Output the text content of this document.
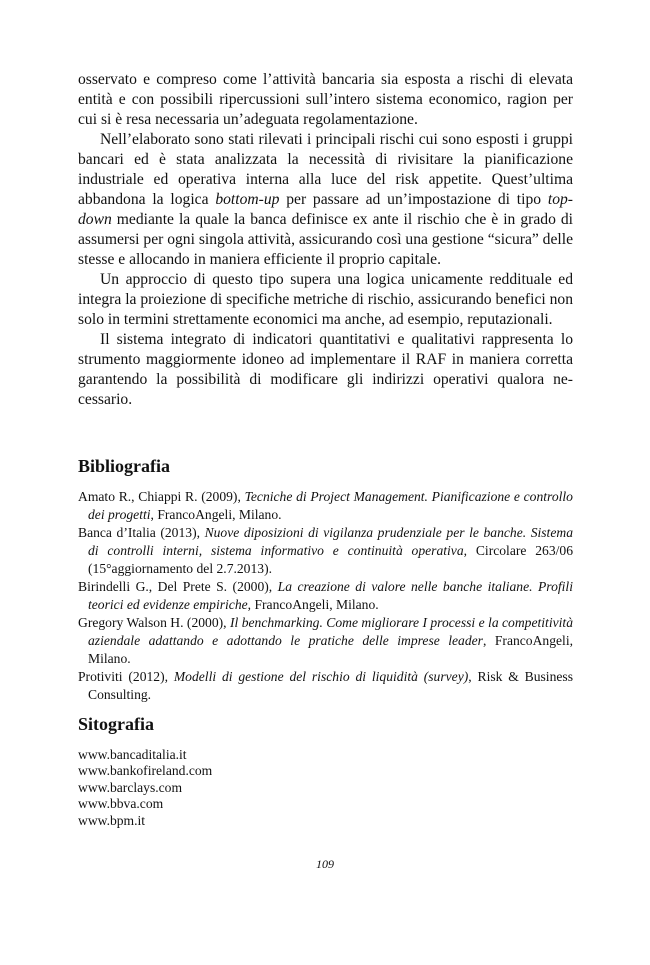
osservato e compreso come l’attività bancaria sia esposta a rischi di elevata entità e con possibili ripercussioni sull’intero sistema economico, ragion per cui si è resa necessaria un’adeguata regolamentazione.

Nell’elaborato sono stati rilevati i principali rischi cui sono esposti i gruppi bancari ed è stata analizzata la necessità di rivisitare la pianificazione industriale ed operativa interna alla luce del risk appetite. Quest’ultima abbandona la logica bottom-up per passare ad un’impostazione di tipo top-down mediante la quale la banca definisce ex ante il rischio che è in grado di assumersi per ogni singola attività, assicurando così una gestione “sicura” delle stesse e allocando in maniera efficiente il proprio capitale.

Un approccio di questo tipo supera una logica unicamente reddituale ed integra la proiezione di specifiche metriche di rischio, assicurando benefici non solo in termini strettamente economici ma anche, ad esempio, reputazionali.

Il sistema integrato di indicatori quantitativi e qualitativi rappresenta lo strumento maggiormente idoneo ad implementare il RAF in maniera corretta garantendo la possibilità di modificare gli indirizzi operativi qualora necessario.

Bibliografia
Amato R., Chiappi R. (2009), Tecniche di Project Management. Pianificazione e controllo dei progetti, FrancoAngeli, Milano.
Banca d’Italia (2013), Nuove diposizioni di vigilanza prudenziale per le banche. Sistema di controlli interni, sistema informativo e continuità operativa, Circolare 263/06 (15°aggiornamento del 2.7.2013).
Birindelli G., Del Prete S. (2000), La creazione di valore nelle banche italiane. Profili teorici ed evidenze empiriche, FrancoAngeli, Milano.
Gregory Walson H. (2000), Il benchmarking. Come migliorare I processi e la competitività aziendale adattando e adottando le pratiche delle imprese leader, FrancoAngeli, Milano.
Protiviti (2012), Modelli di gestione del rischio di liquidità (survey), Risk & Business Consulting.
Sitografia
www.bancaditalia.it
www.bankofireland.com
www.barclays.com
www.bbva.com
www.bpm.it
109
